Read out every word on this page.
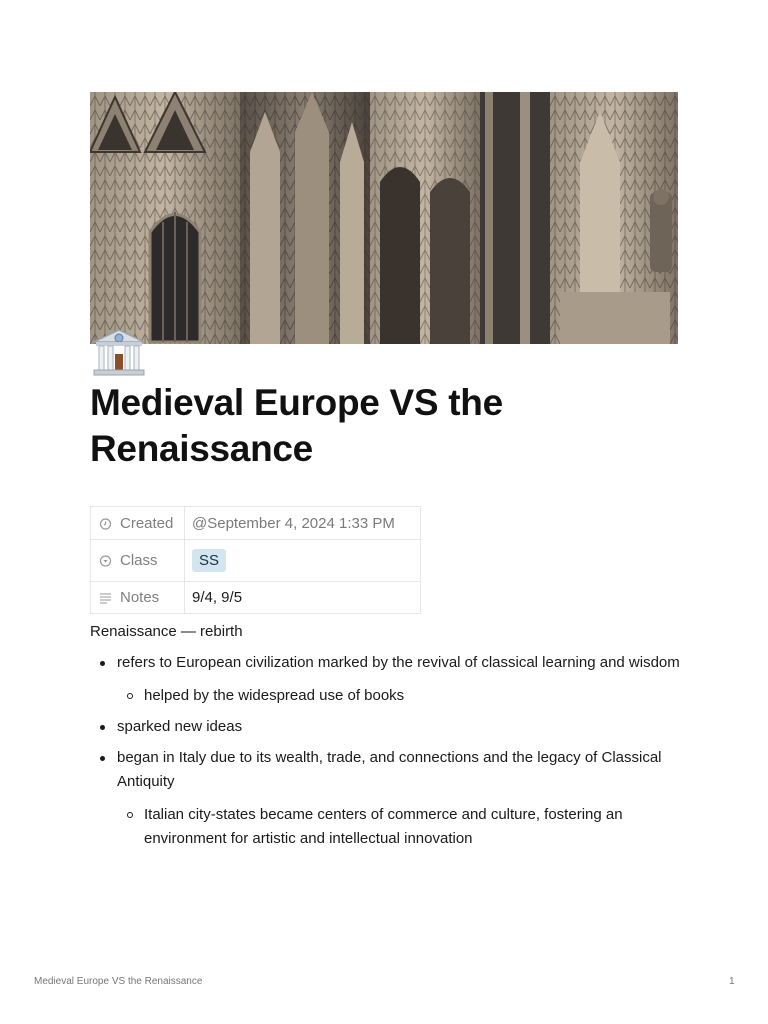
Medieval Europe VS the Renaissance
Created	@September 4, 2024 1:33 PM

Class	SS

Notes	9/4, 9/5

Renaissance — rebirth

refers to European civilization marked by the revival of classical learning and wisdom
helped by the widespread use of books
sparked new ideas
began in Italy due to its wealth, trade, and connections and the legacy of Classical Antiquity
Italian city-states became centers of commerce and culture, fostering an environment for artistic and intellectual innovation
Medieval Europe VS the Renaissance	1
